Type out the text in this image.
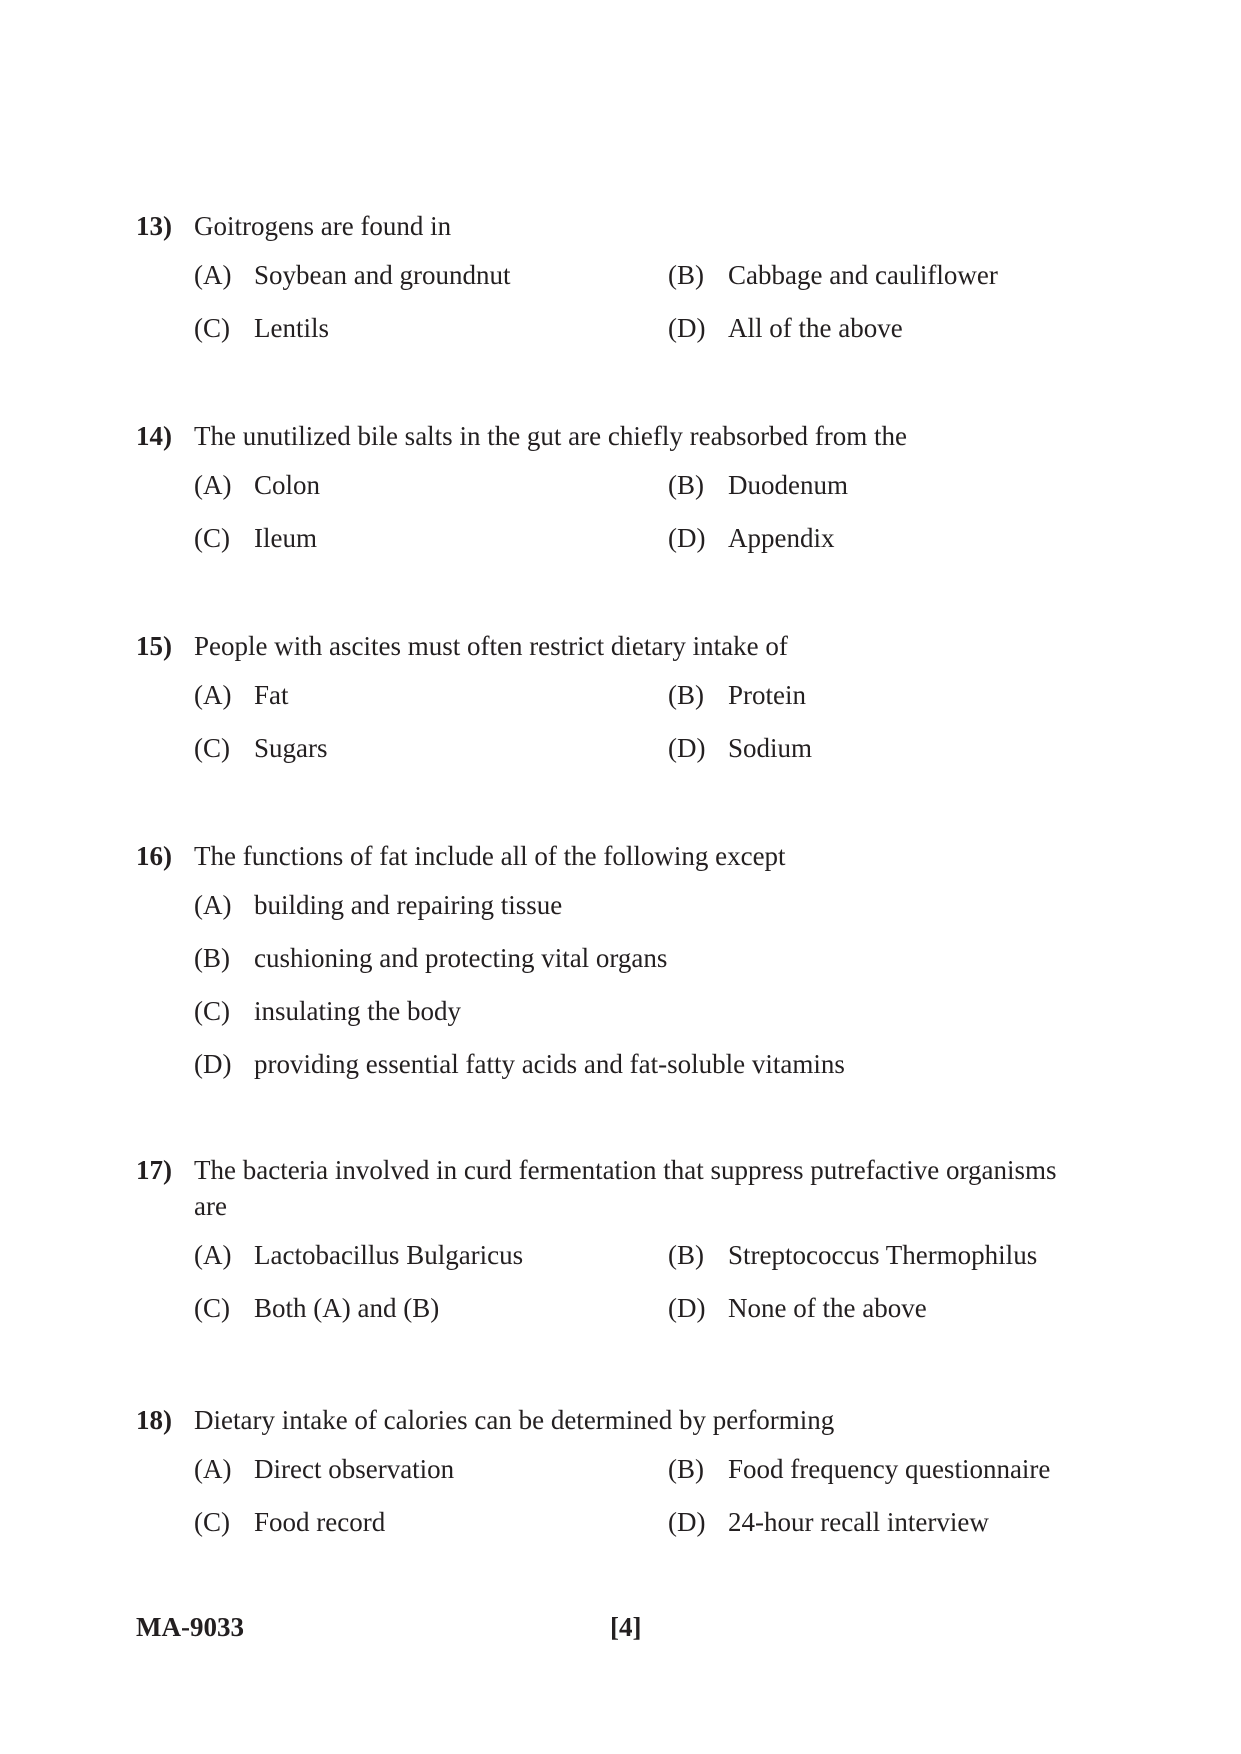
13) Goitrogens are found in
(A) Soybean and groundnut	(B) Cabbage and cauliflower
(C) Lentils	(D) All of the above
14) The unutilized bile salts in the gut are chiefly reabsorbed from the
(A) Colon	(B) Duodenum
(C) Ileum	(D) Appendix
15) People with ascites must often restrict dietary intake of
(A) Fat	(B) Protein
(C) Sugars	(D) Sodium
16) The functions of fat include all of the following except
(A) building and repairing tissue
(B) cushioning and protecting vital organs
(C) insulating the body
(D) providing essential fatty acids and fat-soluble vitamins
17) The bacteria involved in curd fermentation that suppress putrefactive organisms are
(A) Lactobacillus Bulgaricus	(B) Streptococcus Thermophilus
(C) Both (A) and (B)	(D) None of the above
18) Dietary intake of calories can be determined by performing
(A) Direct observation	(B) Food frequency questionnaire
(C) Food record	(D) 24-hour recall interview
MA-9033	[4]
